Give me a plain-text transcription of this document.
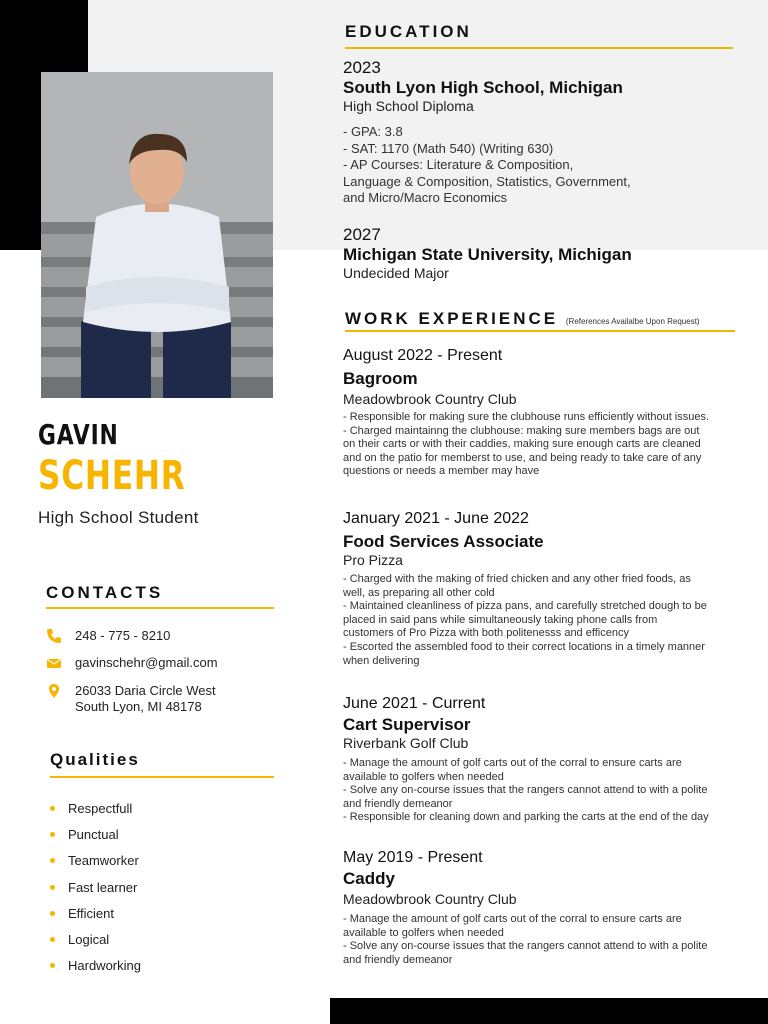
GAVIN
SCHEHR
High School Student
CONTACTS
248 - 775 - 8210
gavinschehr@gmail.com
26033 Daria Circle West
South Lyon, MI 48178
Qualities
Respectfull
Punctual
Teamworker
Fast learner
Efficient
Logical
Hardworking
EDUCATION
2023
South Lyon High School, Michigan
High School Diploma
- GPA: 3.8
- SAT: 1170 (Math 540) (Writing 630)
- AP Courses: Literature & Composition,
Language & Composition, Statistics, Government,
and Micro/Macro Economics
2027
Michigan State University, Michigan
Undecided Major
WORK EXPERIENCE (References Availalbe Upon Request)
August 2022 - Present
Bagroom
Meadowbrook Country Club
- Responsible for making sure the clubhouse runs efficiently without issues.
- Charged maintainng the clubhouse: making sure members bags are out
on their carts or with their caddies, making sure enough carts are cleaned
and on the patio for memberst to use, and being ready to take care of any
questions or needs a member may have
January 2021 - June 2022
Food Services Associate
Pro Pizza
- Charged with the making of fried chicken and any other fried foods, as
well, as preparing all other cold
- Maintained cleanliness of pizza pans, and carefully stretched dough to be
placed in said pans while simultaneously taking phone calls from
customers of Pro Pizza with both politenesss and efficency
- Escorted the assembled food to their correct locations in a timely manner
when delivering
June 2021 - Current
Cart Supervisor
Riverbank Golf Club
- Manage the amount of golf carts out of the corral to ensure carts are
available to golfers when needed
- Solve any on-course issues that the rangers cannot attend to with a polite
and friendly demeanor
- Responsible for cleaning down and parking the carts at the end of the day
May 2019 - Present
Caddy
Meadowbrook Country Club
- Manage the amount of golf carts out of the corral to ensure carts are
available to golfers when needed
- Solve any on-course issues that the rangers cannot attend to with a polite
and friendly demeanor
